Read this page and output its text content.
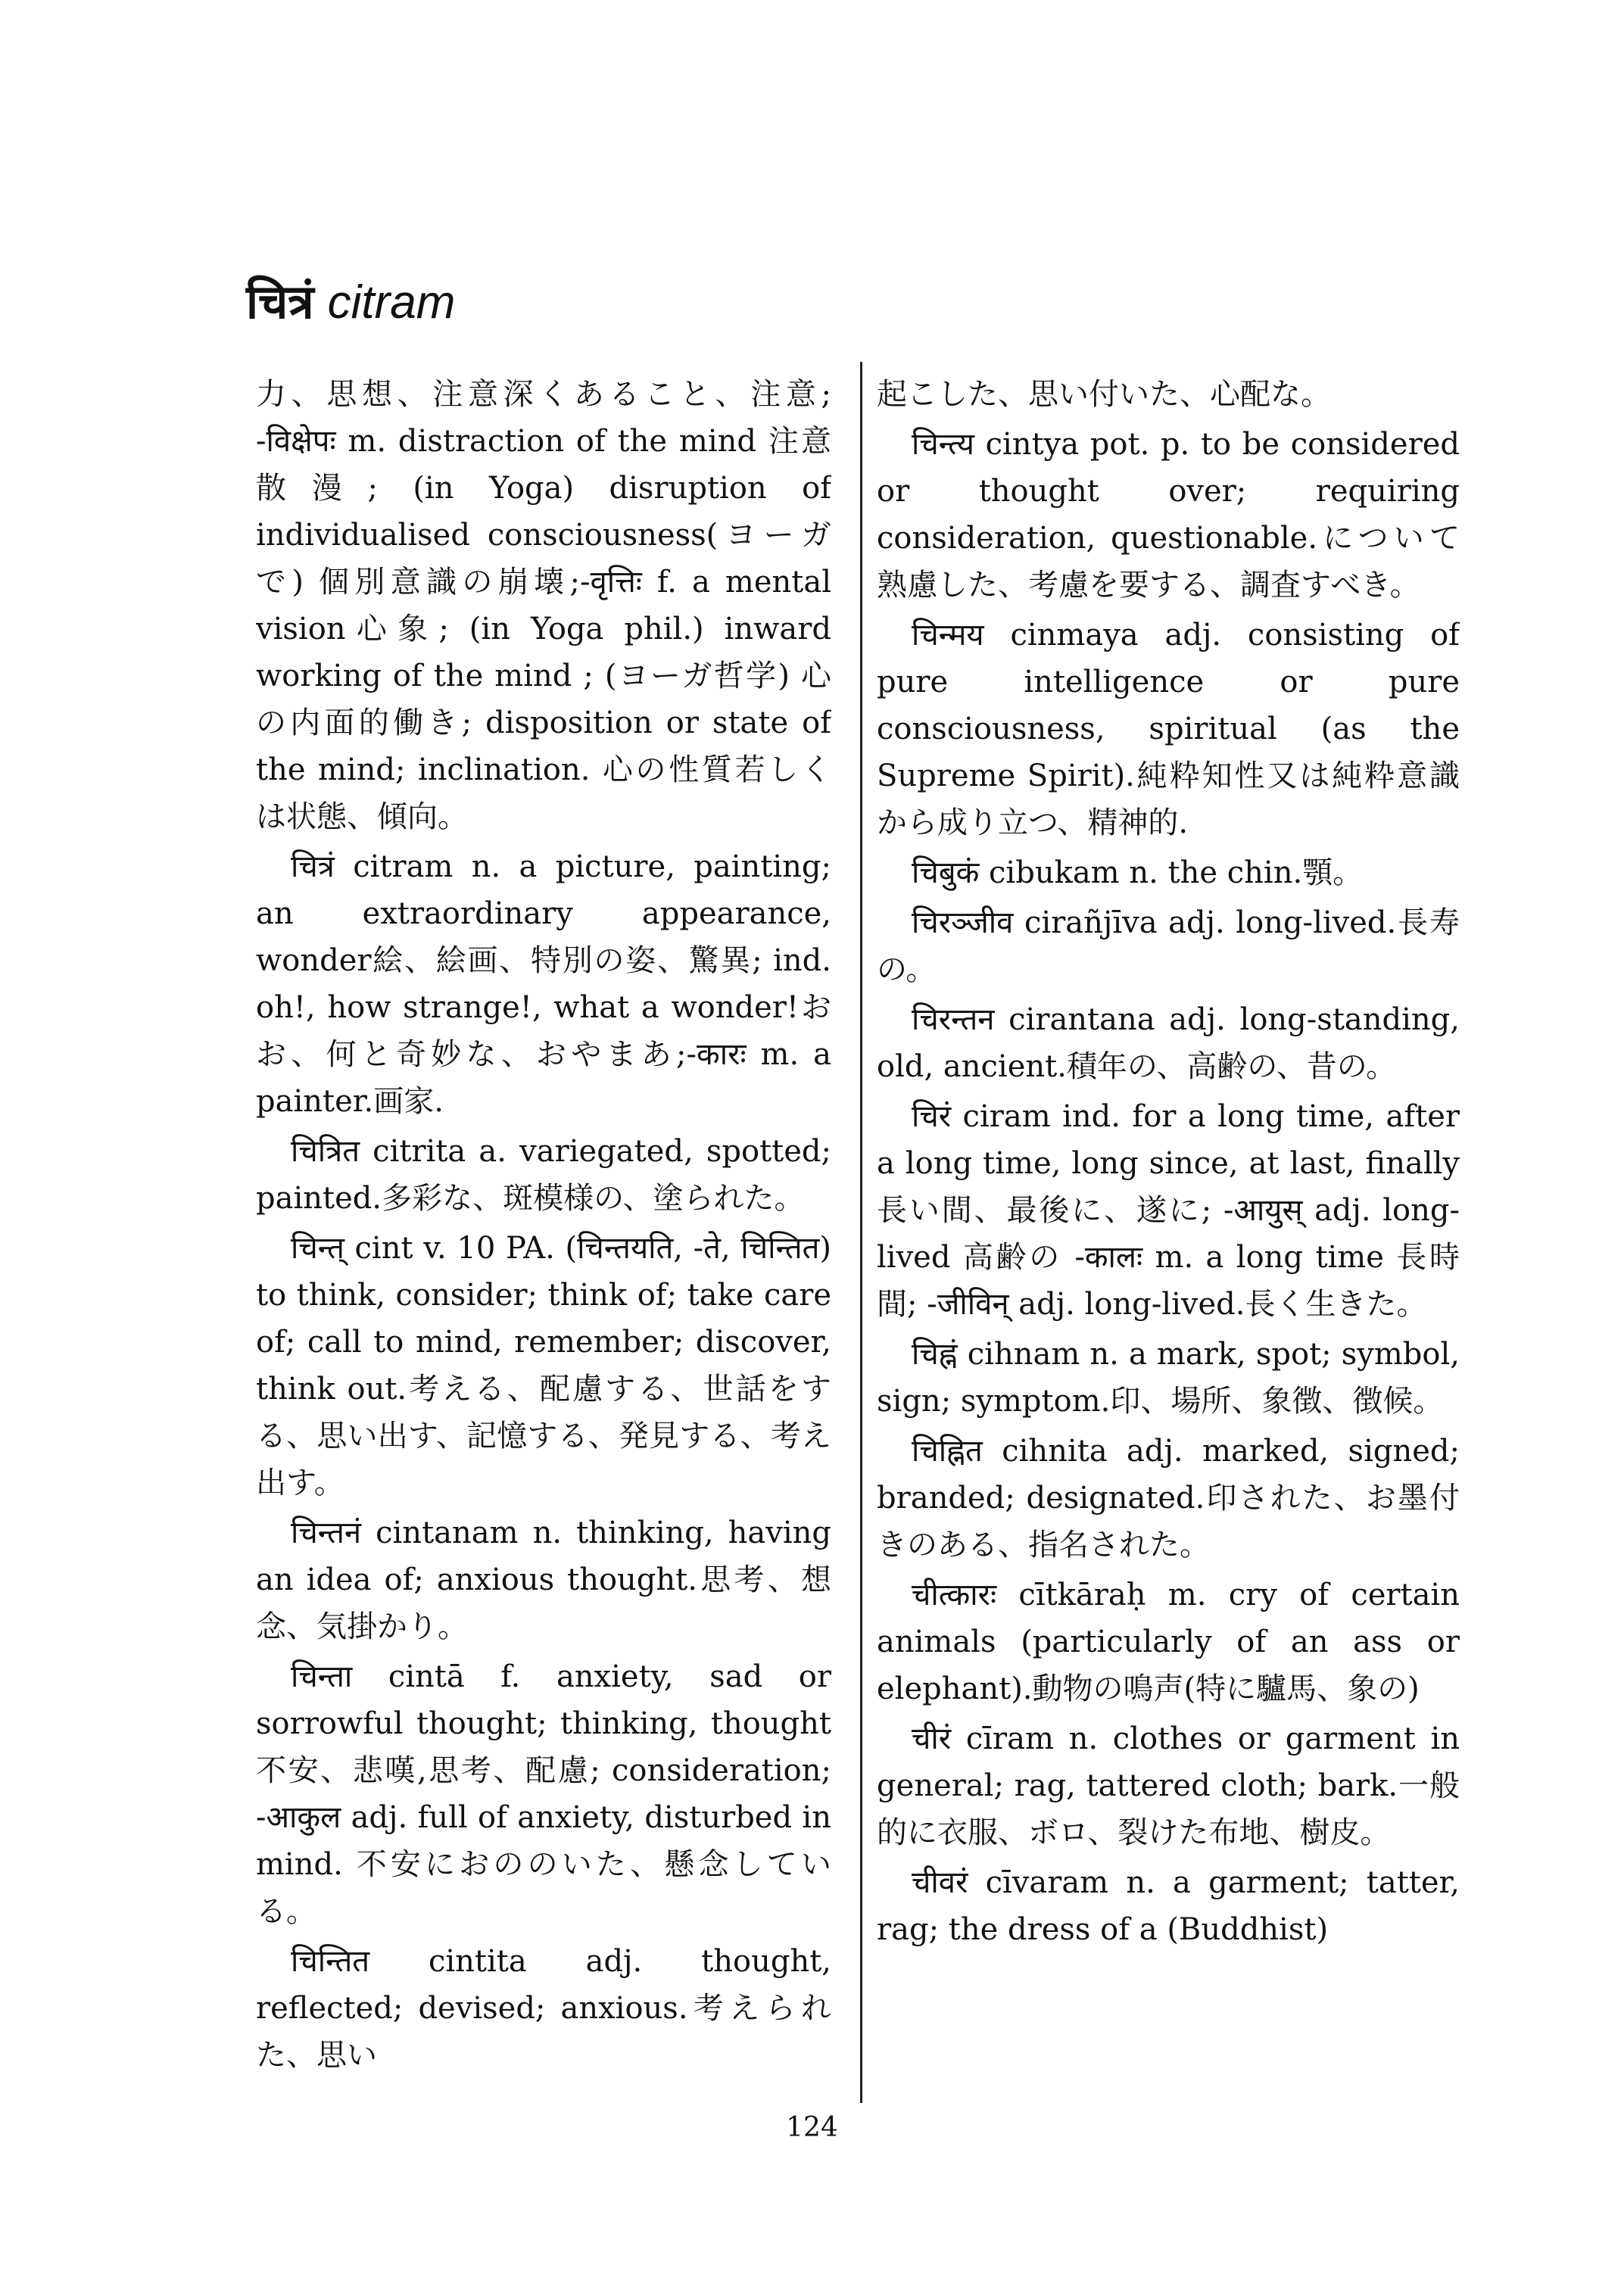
चित्रं citram

力、思想、注意深くあること、注意; -विक्षेपः m. distraction of the mind 注意散漫; (in Yoga) disruption of individualised consciousness(ヨーガで) 個別意識の崩壊;-वृत्तिः f. a mental vision心象; (in Yoga phil.) inward working of the mind ; (ヨーガ哲学) 心の内面的働き; disposition or state of the mind; inclination. 心の性質若しくは状態、傾向。

चित्रं citram n. a picture, painting; an extraordinary appearance, wonder絵、絵画、特別の姿、驚異; ind. oh!, how strange!, what a wonder!おお、何と奇妙な、おやまあ;-कारः m. a painter.画家.

चित्रित citrita a. variegated, spotted; painted.多彩な、斑模様の、塗られた。

चिन्त् cint v. 10 PA. (चिन्तयति, -ते, चिन्तित) to think, consider; think of; take care of; call to mind, remember; discover, think out.考える、配慮する、世話をする、思い出す、記憶する、発見する、考え出す。

चिन्तनं cintanam n. thinking, having an idea of; anxious thought.思考、想念、気掛かり。

चिन्ता cintā f. anxiety, sad or sorrowful thought; thinking, thought 不安、悲嘆,思考、配慮; consideration; -आकुल adj. full of anxiety, disturbed in mind. 不安におののいた、懸念している。

चिन्तित cintita adj. thought, reflected; devised; anxious.考えられた、思い

起こした、思い付いた、心配な。

चिन्त्य cintya pot. p. to be considered or thought over; requiring consideration, questionable.について熟慮した、考慮を要する、調査すべき。

चिन्मय cinmaya adj. consisting of pure intelligence or pure consciousness, spiritual (as the Supreme Spirit).純粋知性又は純粋意識から成り立つ、精神的.

चिबुकं cibukam n. the chin.顎。

चिरञ्जीव cirañjīva adj. long-lived.長寿の。

चिरन्तन cirantana adj. long-standing, old, ancient.積年の、高齢の、昔の。

चिरं ciram ind. for a long time, after a long time, long since, at last, finally 長い間、最後に、遂に; -आयुस् adj. long-lived 高齢の -कालः m. a long time 長時間; -जीविन् adj. long-lived.長く生きた。

चिह्नं cihnam n. a mark, spot; symbol, sign; symptom.印、場所、象徴、徴候。

चिह्नित cihnita adj. marked, signed; branded; designated.印された、お墨付きのある、指名された。

चीत्कारः cītkāraḥ m. cry of certain animals (particularly of an ass or elephant).動物の鳴声(特に驢馬、象の)

चीरं cīram n. clothes or garment in general; rag, tattered cloth; bark.一般的に衣服、ボロ、裂けた布地、樹皮。

चीवरं cīvaram n. a garment; tatter, rag; the dress of a (Buddhist)

124
